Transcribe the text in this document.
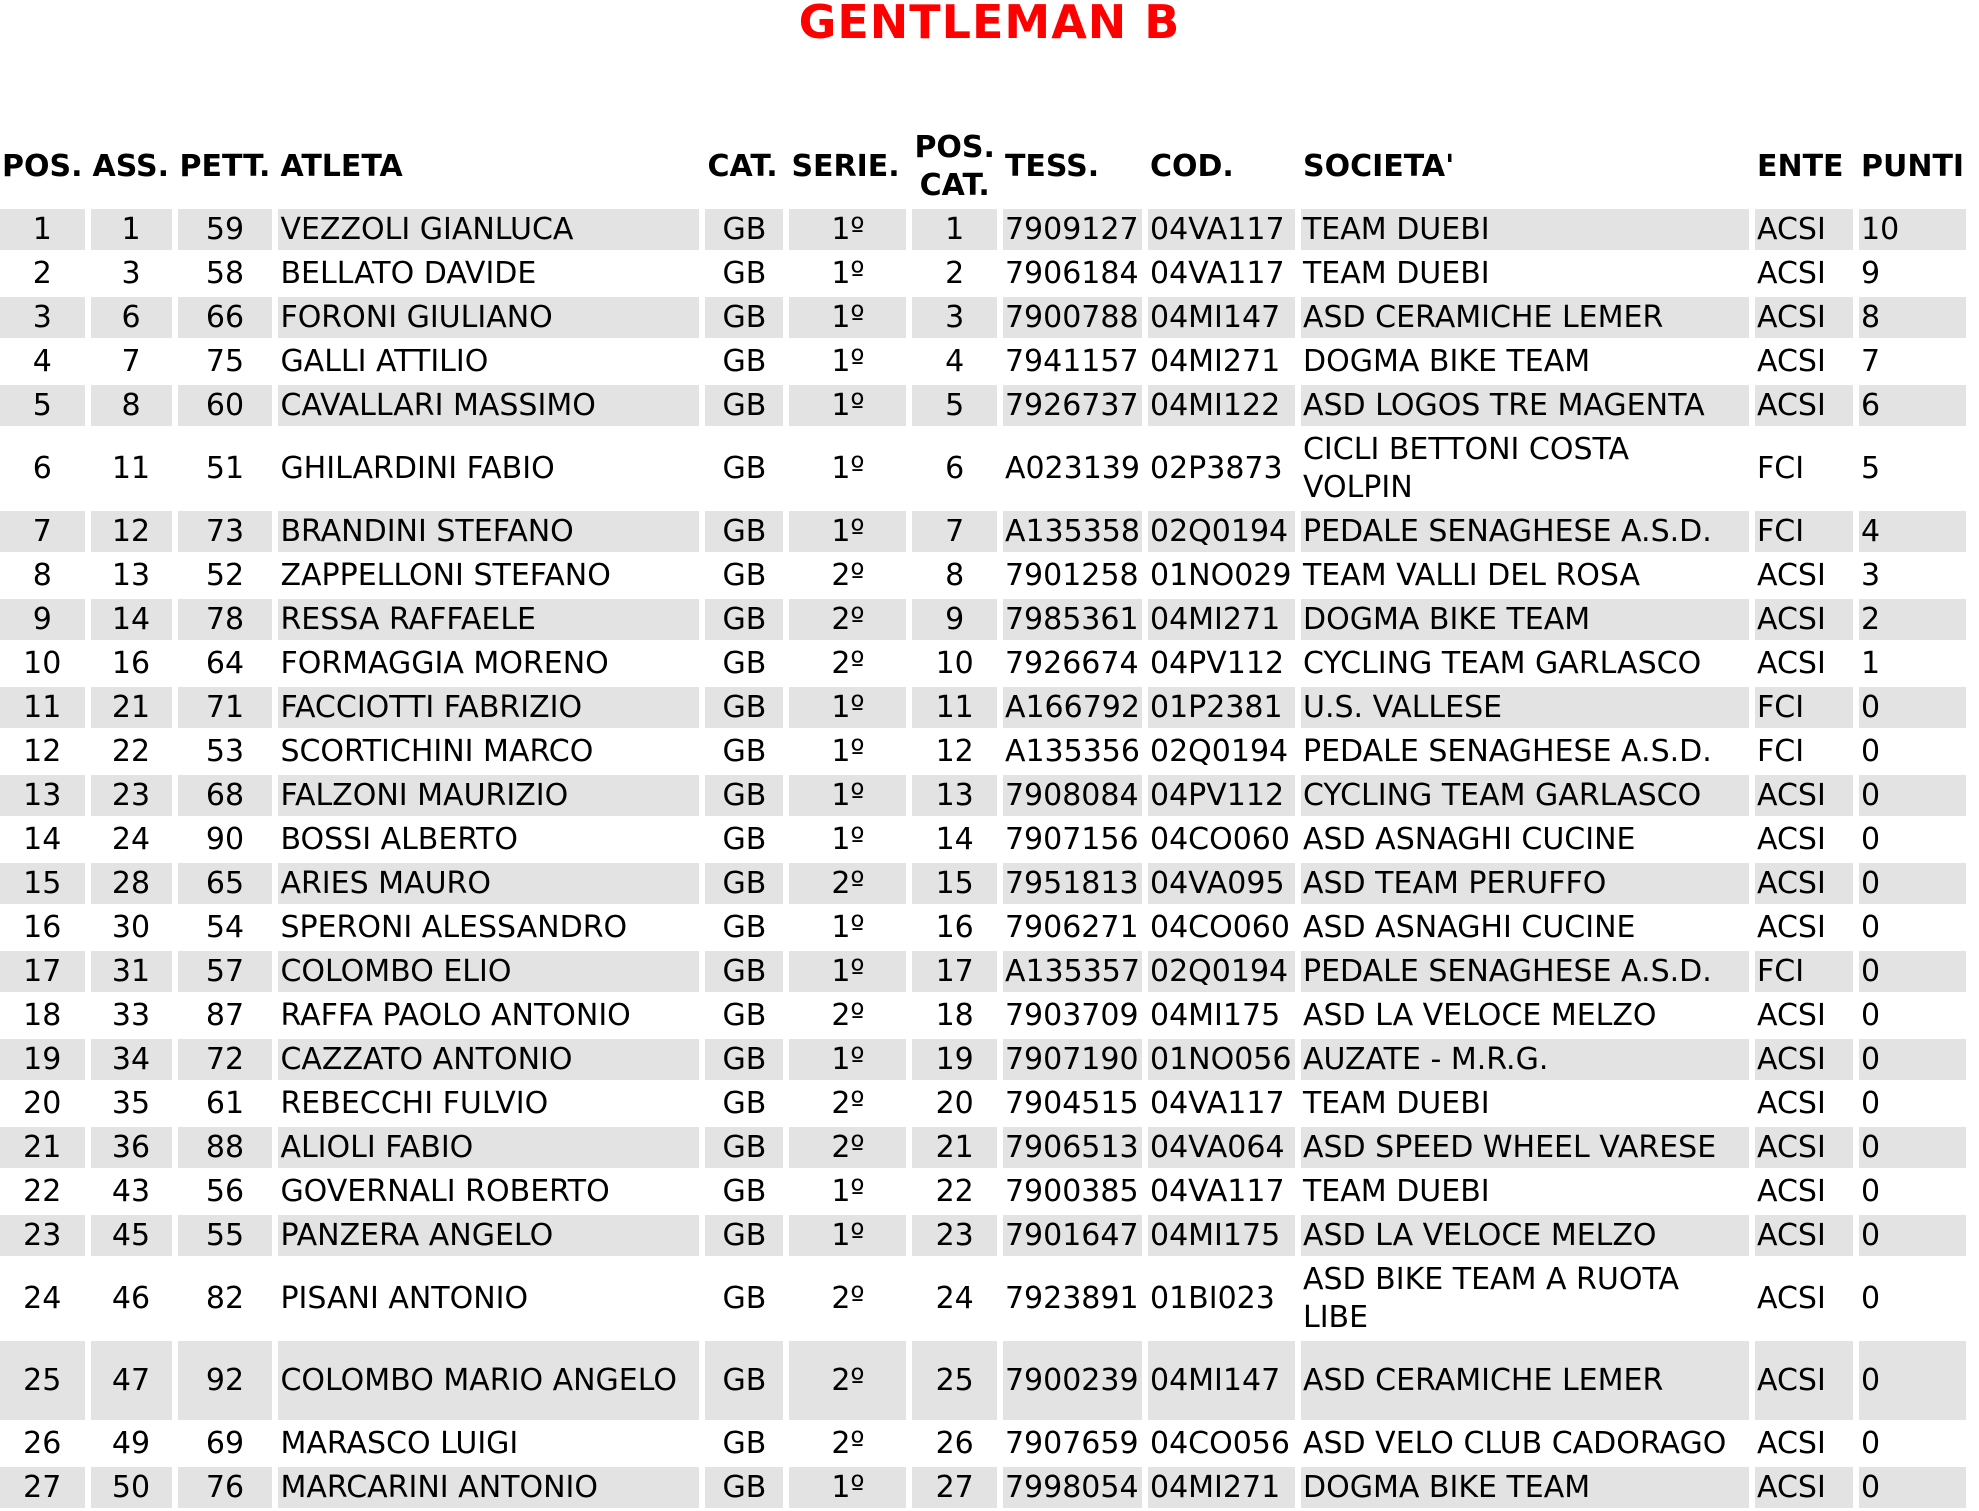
GENTLEMAN B
POS.	ASS.	PETT.	ATLETA	CAT.	SERIE.	POS. CAT.	TESS.	COD.	SOCIETA'	ENTE	PUNTI
1	1	59	VEZZOLI GIANLUCA	GB	1º	1	7909127	04VA117	TEAM DUEBI	ACSI	10
2	3	58	BELLATO DAVIDE	GB	1º	2	7906184	04VA117	TEAM DUEBI	ACSI	9
3	6	66	FORONI GIULIANO	GB	1º	3	7900788	04MI147	ASD CERAMICHE LEMER	ACSI	8
4	7	75	GALLI ATTILIO	GB	1º	4	7941157	04MI271	DOGMA BIKE TEAM	ACSI	7
5	8	60	CAVALLARI MASSIMO	GB	1º	5	7926737	04MI122	ASD LOGOS TRE MAGENTA	ACSI	6
6	11	51	GHILARDINI FABIO	GB	1º	6	A023139	02P3873	CICLI BETTONI COSTA VOLPIN	FCI	5
7	12	73	BRANDINI STEFANO	GB	1º	7	A135358	02Q0194	PEDALE SENAGHESE A.S.D.	FCI	4
8	13	52	ZAPPELLONI STEFANO	GB	2º	8	7901258	01NO029	TEAM VALLI DEL ROSA	ACSI	3
9	14	78	RESSA RAFFAELE	GB	2º	9	7985361	04MI271	DOGMA BIKE TEAM	ACSI	2
10	16	64	FORMAGGIA MORENO	GB	2º	10	7926674	04PV112	CYCLING TEAM GARLASCO	ACSI	1
11	21	71	FACCIOTTI FABRIZIO	GB	1º	11	A166792	01P2381	U.S. VALLESE	FCI	0
12	22	53	SCORTICHINI MARCO	GB	1º	12	A135356	02Q0194	PEDALE SENAGHESE A.S.D.	FCI	0
13	23	68	FALZONI MAURIZIO	GB	1º	13	7908084	04PV112	CYCLING TEAM GARLASCO	ACSI	0
14	24	90	BOSSI ALBERTO	GB	1º	14	7907156	04CO060	ASD ASNAGHI CUCINE	ACSI	0
15	28	65	ARIES MAURO	GB	2º	15	7951813	04VA095	ASD TEAM PERUFFO	ACSI	0
16	30	54	SPERONI ALESSANDRO	GB	1º	16	7906271	04CO060	ASD ASNAGHI CUCINE	ACSI	0
17	31	57	COLOMBO ELIO	GB	1º	17	A135357	02Q0194	PEDALE SENAGHESE A.S.D.	FCI	0
18	33	87	RAFFA PAOLO ANTONIO	GB	2º	18	7903709	04MI175	ASD LA VELOCE MELZO	ACSI	0
19	34	72	CAZZATO ANTONIO	GB	1º	19	7907190	01NO056	AUZATE - M.R.G.	ACSI	0
20	35	61	REBECCHI FULVIO	GB	2º	20	7904515	04VA117	TEAM DUEBI	ACSI	0
21	36	88	ALIOLI FABIO	GB	2º	21	7906513	04VA064	ASD SPEED WHEEL VARESE	ACSI	0
22	43	56	GOVERNALI ROBERTO	GB	1º	22	7900385	04VA117	TEAM DUEBI	ACSI	0
23	45	55	PANZERA ANGELO	GB	1º	23	7901647	04MI175	ASD LA VELOCE MELZO	ACSI	0
24	46	82	PISANI ANTONIO	GB	2º	24	7923891	01BI023	ASD BIKE TEAM A RUOTA LIBE	ACSI	0
25	47	92	COLOMBO MARIO ANGELO	GB	2º	25	7900239	04MI147	ASD CERAMICHE LEMER	ACSI	0
26	49	69	MARASCO LUIGI	GB	2º	26	7907659	04CO056	ASD VELO CLUB CADORAGO	ACSI	0
27	50	76	MARCARINI ANTONIO	GB	1º	27	7998054	04MI271	DOGMA BIKE TEAM	ACSI	0
